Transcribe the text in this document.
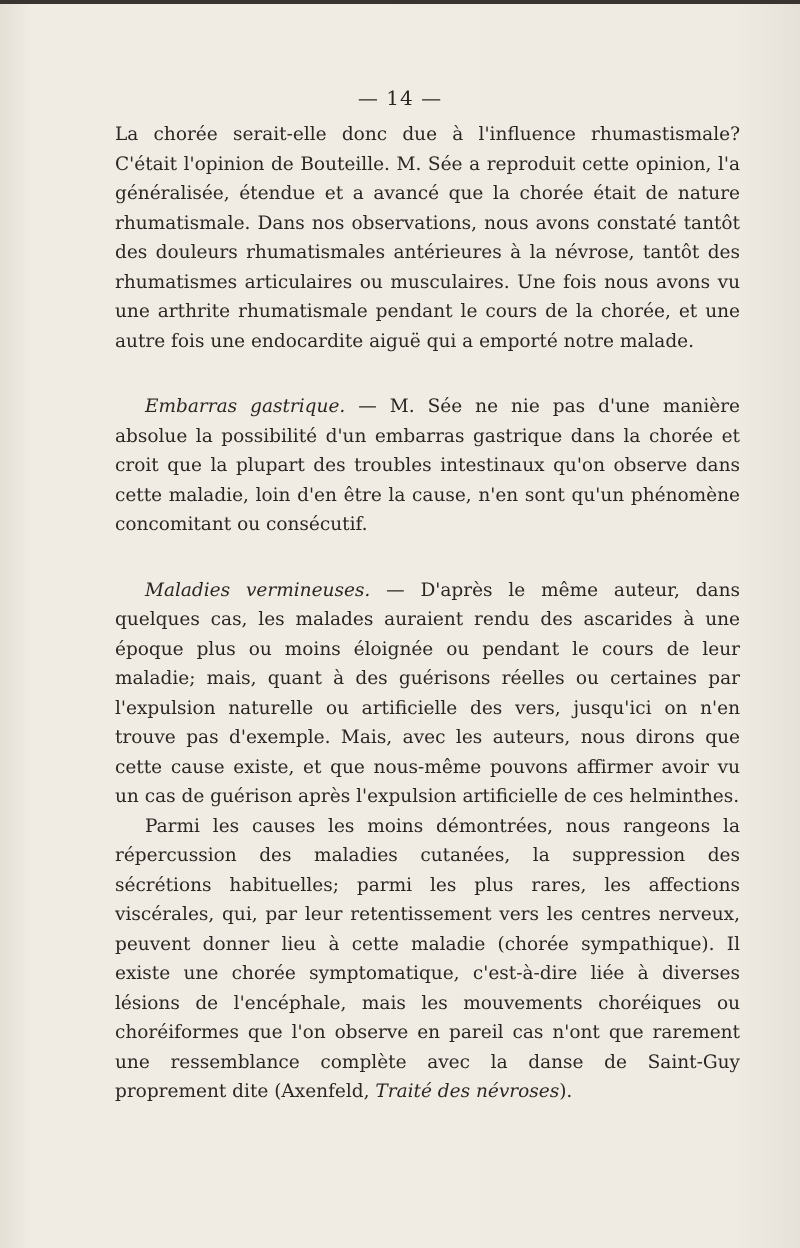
— 14 —

La chorée serait-elle donc due à l'influence rhumastismale? C'était l'opinion de Bouteille. M. Sée a reproduit cette opinion, l'a généralisée, étendue et a avancé que la chorée était de nature rhumatismale. Dans nos observations, nous avons constaté tantôt des douleurs rhumatismales antérieures à la névrose, tantôt des rhumatismes articulaires ou musculaires. Une fois nous avons vu une arthrite rhumatismale pendant le cours de la chorée, et une autre fois une endocardite aiguë qui a emporté notre malade.

Embarras gastrique. — M. Sée ne nie pas d'une manière absolue la possibilité d'un embarras gastrique dans la chorée et croit que la plupart des troubles intestinaux qu'on observe dans cette maladie, loin d'en être la cause, n'en sont qu'un phénomène concomitant ou consécutif.

Maladies vermineuses. — D'après le même auteur, dans quelques cas, les malades auraient rendu des ascarides à une époque plus ou moins éloignée ou pendant le cours de leur maladie; mais, quant à des guérisons réelles ou certaines par l'expulsion naturelle ou artificielle des vers, jusqu'ici on n'en trouve pas d'exemple. Mais, avec les auteurs, nous dirons que cette cause existe, et que nous-même pouvons affirmer avoir vu un cas de guérison après l'expulsion artificielle de ces helminthes.

Parmi les causes les moins démontrées, nous rangeons la répercussion des maladies cutanées, la suppression des sécrétions habituelles; parmi les plus rares, les affections viscérales, qui, par leur retentissement vers les centres nerveux, peuvent donner lieu à cette maladie (chorée sympathique). Il existe une chorée symptomatique, c'est-à-dire liée à diverses lésions de l'encéphale, mais les mouvements choréiques ou choréiformes que l'on observe en pareil cas n'ont que rarement une ressemblance complète avec la danse de Saint-Guy proprement dite (Axenfeld, Traité des névroses).
